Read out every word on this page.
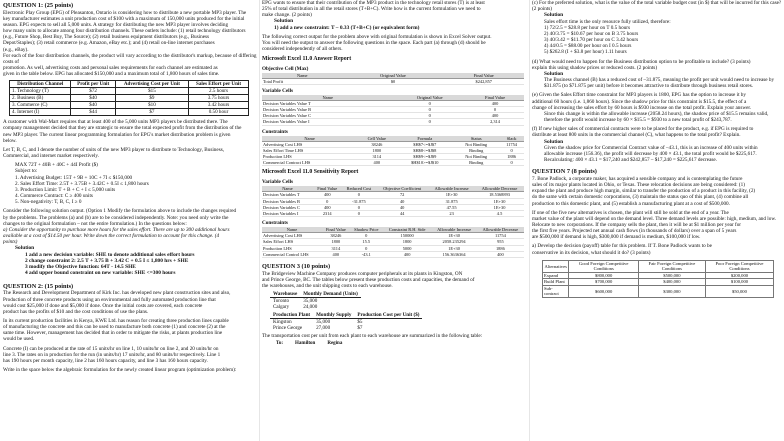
QUESTION 1: (25 points)

Electronic Play Group (EPG) of Pleasanton, Ontario is considering how to distribute a new portable MP3 player. The

key manufacturer estimates a unit production cost of $100 with a maximum of 150,000 units produced for the initial

season. EPG expects to sell all 5,000 units. A strategy for distributing the new MP3 player involves deciding

how many units to allocate among four distribution channels. These outlets include: (1) retail technology distributors

(e.g., Future Shop, Best Buy, The Source); (2) retail business equipment distributors (e.g., Business

Depot/Staples); (3) retail commerce (e.g. Amazon, eBay etc.); and (4) retail on-line internet purchases

(e.g., eBay).

For each of the four distribution channels, the product will vary according to the distributor's markup, because of differing costs of

promotion. As well, advertising costs and personal sales requirements for each channel are estimated as

given in the table below. EPG has allocated $150,000 and a maximum total of 1,800 hours of sales time.

Distribution Channel	Profit per Unit	Advertising Cost per Unit	Sales Effort per Unit
1. Technology (T)	$72	$15	2.5 hours
2. Business (B)	$40	$9	3.75 hours
3. Commerce (C)	$40	$10	3.42 hours
4. Internet (I)	$44	$7	0.50 hour

A customer with Wal-Mart requires that at least 400 of the 5,000 units MP3 players be distributed there. The

company management decided that they are strategic to ensure the total expected profit from the distribution of the

new MP3 player. The current linear programming formulation for EPG's market distribution problem is given

below.

Let T, B, C, and I denote the number of units of the new MP3 player to distribute to Technology, Business,

Commercial, and internet market respectively.

MAX 72T + 40B + 40C + 44I Profit ($)

Subject to:

1. Advertising Budget: 15T + 9B + 10C + 7I ≤ $150,000

2. Sales Effort Time: 2.5T + 3.75B + 3.42C + 0.5I ≤ 1,800 hours

3. Production Limit: T + B + C + I ≤ 5,000 units

4. Commerce Contract: C ≥ 400 units

5. Non-negativity: T, B, C, I ≥ 0

Consider the following solution output. (Option 1 Modify the formulation above to include the changes required

by the problems. The problems (a) and (b) are to be considered independently. Note: you need only write the

changes to the original formulation – not the entire formulation.) In the questions below:

a) Consider the opportunity to purchase more hours for the sales effort. There are up to 300 additional hours

available at a cost of $14.50 per hour. Write down the correct formulation to account for this change. (4

points)

Solution

1 add a new decision variable: SHE to denote additional sales effort hours

2 change constraint 2: 2.5 T + 3.75 B + 3.42 C + 0.5 I ≤ 1,800 hrs + SHE

3 modify the Objective function: 64T - 14.5 SHE

4 add upper bound constraint on new variable: SHE <=300 hours

QUESTION 2: (15 points)

The Research and Development Department of Kirk Inc. has developed new plant construction sites and also,

Production of three concrete products using an environmental and fully automated production line that

would cost $25,000 if done and $5,000 if done. Once the initial costs are covered, each concrete

product has the profits of $10 and the cost conditions of use the plans.

In its current production facilities in Kenya, KWE Ltd. has reason for creating three production lines capable

of manufacturing the concrete and this can be used to manufacture both concrete (1) and concrete (2) at the

same time. However, management has decided that in order to mitigate the risks, at plants production line

would be used.

Concrete (I) can be produced at the rate of 15 units/hr on line 1, 10 units/hr on line 2, and 20 units/hr on

line 3. The rates on in production for the run (in units/hr) 17 units/hr, and 80 units/hr respectively. Line 1

has 190 hours per month capacity, line 2 has 160 hours capacity, and line 3 has 160 hours capacity.

Write in the space below the algebraic formulation for the newly created linear program (optimization problem):

EPG wants to ensure that their contribution of the MP3 product in the technology retail stores (T) is at least

25% of total distribution in all the retail stores (T+B+C). Write how is the current formulation we need to

make change. (2 points)

Solution

1) add a new constraint: T – 0.33 (T+B+C) (or equivalent form)

The following correct output for the problem above with original formulation is shown in Excel Solver output.

You will need the output to answer the following questions in the space. Each part (a) through (d) should be

considered independently of all others.

Microsoft Excel 11.0 Answer Report

Objective Cell (Max)

Name	Original Value	Final Value
Total Profit	$0	$242,857

Variable Cells

Name	Original Value	Final Value
Decision Variables Value T	0	400
Decision Variables Value B	0	0
Decision Variables Value C	0	400
Decision Variables Value I	0	2,314

Constraints

Name	Cell Value	Formula	Status	Slack
Advertising Cost LHS	38246	$H$7<=$J$7	Not Binding	11754
Sales Effort Time LHS	1800	$H$8<=$J$8	Binding	0
Production LHS	3114	$H$9<=$J$9	Not Binding	1886
Commercial Contract LHS	400	$H$10>=$J$10	Binding	0

Microsoft Excel 11.0 Sensitivity Report

Variable Cells

Name	Final Value	Reduced Cost	Objective Coefficient	Allowable Increase	Allowable Decrease
Decision Variables T	400	0	72	1E+30	18.5368893
Decision Variables B	0	-31.875	40	31.875	1E+30
Decision Variables C	400	0	40	47.55	1E+30
Decision Variables I	2314	0	44	23	4.5

Constraints

Name	Final Value	Shadow Price	Constraint R.H. Side	Allowable Increase	Allowable Decrease
Advertising Cost LHS	38246	0	150000	1E+30	11754
Sales Effort LHS	1800	15.5	1800	2058.235294	955
Production LHS	3114	0	5000	1E+30	1886
Commercial Control LHS	400	-43.1	400	156.3636364	400

QUESTION 3 (10 points)

The Bridgeview Machine Company produces computer peripherals at its plants in Kingston, ON

and Prince George, BC. The tables below present these production costs and capacities, the demand of

the warehouses, and the unit shipping costs to each warehouse.

Warehouse	Monthly Demand (Units)
Toronto	35,000
Calgary	24,000
Production Plant	Monthly Supply	Production Cost per Unit ($)
Kingston	35,000	$5
Prince George	27,000	$7

The transportation cost per unit from each plant to each warehouse are summarized in the following table:

To:	Hamilton	Regina

(c) For the preferred solution, what is the value of the total variable budget cost (in $) that will be incurred for this case? (2 points)

Solution

Sales effort time is the only resource fully utilized, therefore:

1) 72/2.5 = $28.8 per hour on T 0.5 hours

2) 40/3.75 = $10.67 per hour on B 3.75 hours

3) 40/3.42 = $11.70 per hour on C 3.42 hours

4) 44/0.5 = $88.00 per hour on I 0.5 hours

5) $262.8 (I + $3.8 per hour) 1.11 hours

(d) What would need to happen for the Business distribution option to be profitable to include? (3 points)

explain this using shadow prices or reduced costs. (2 points)

Solution

The Business channel (B) has a reduced cost of –31.875, meaning the profit per unit would need to increase by

$31.875 (to $71.875 per unit) before it becomes attractive to distribute through business retail stores.

(e) Given the Sales Effort time constraint for MP3 players is 1800, EPG has the option to increase it by

additional 60 hours (i.e. 1,860 hours). Since the shadow price for this constraint is $15.5, the effect of a

change of increasing the sales effort by 60 hours is $930 increase on the total profit. Explain your answer.

Since this change is within the allowable increase (2058.24 hours), the shadow price of $15.5 remains valid,

therefore the profit would increase by 60 × $15.5 = $930 to a new total profit of $243,787.

(f) If new higher sales of commercial contracts were to be placed for the product, e.g. if EPG is required to

distribute at least 800 units in the commercial channel (C), what happens to the total profit? Explain.

Solution

Given the shadow price for Commercial Contract value of –43.1, this is an increase of 400 units within

allowable increase (156.36), the profit will decrease by 400 × 43.1, the total profit would be $225,617.

Recalculating: 400 × 43.1 = $17,240 and $242,857 – $17,240 = $225,617 decrease.

QUESTION 7 (8 points)

7. Bone Padlock, a corporate maker, has acquired a sensible company and is contemplating the future

sales of its major plants located in Ohio, or Texas. These relocation decisions are being considered: (1)

expand the plant and produce high margin, similar to transfer the production of a product in this facility, (2)

do the same with certain domestic corporations, (3) maintain the status quo of this plant, (4) combine all

production to this domestic plant, and (5) establish a manufacturing plant at a cost of $500,000.

If one of the five new alternatives is chosen, the plant will still be sold at the end of a year. The

market value of the plant will depend on the demand level. Three demand levels are possible: high, medium, and low.

Relocate to new corporations. If the company sells the plant, then it will be at $1 million per year for

the first five years. Projected net annual cash flows (in thousands of dollars) over a span of 5 years

are $500,000 if demand is high, $300,000 if demand is medium, $100,000 if low.

a) Develop the decision (payoff) table for this problem. If T. Bone Padlock wants to be

conservative in its decision, what should it do? (3 points)

Alternatives	Good Foreign Competitive Conditions	Fair Foreign Competitive Conditions	Poor Foreign Competitive Conditions
Expand	$800,000	$500,000	$200,000
Build Plant	$700,000	$400,000	$100,000
Sub-contract	$600,000	$300,000	$50,000
